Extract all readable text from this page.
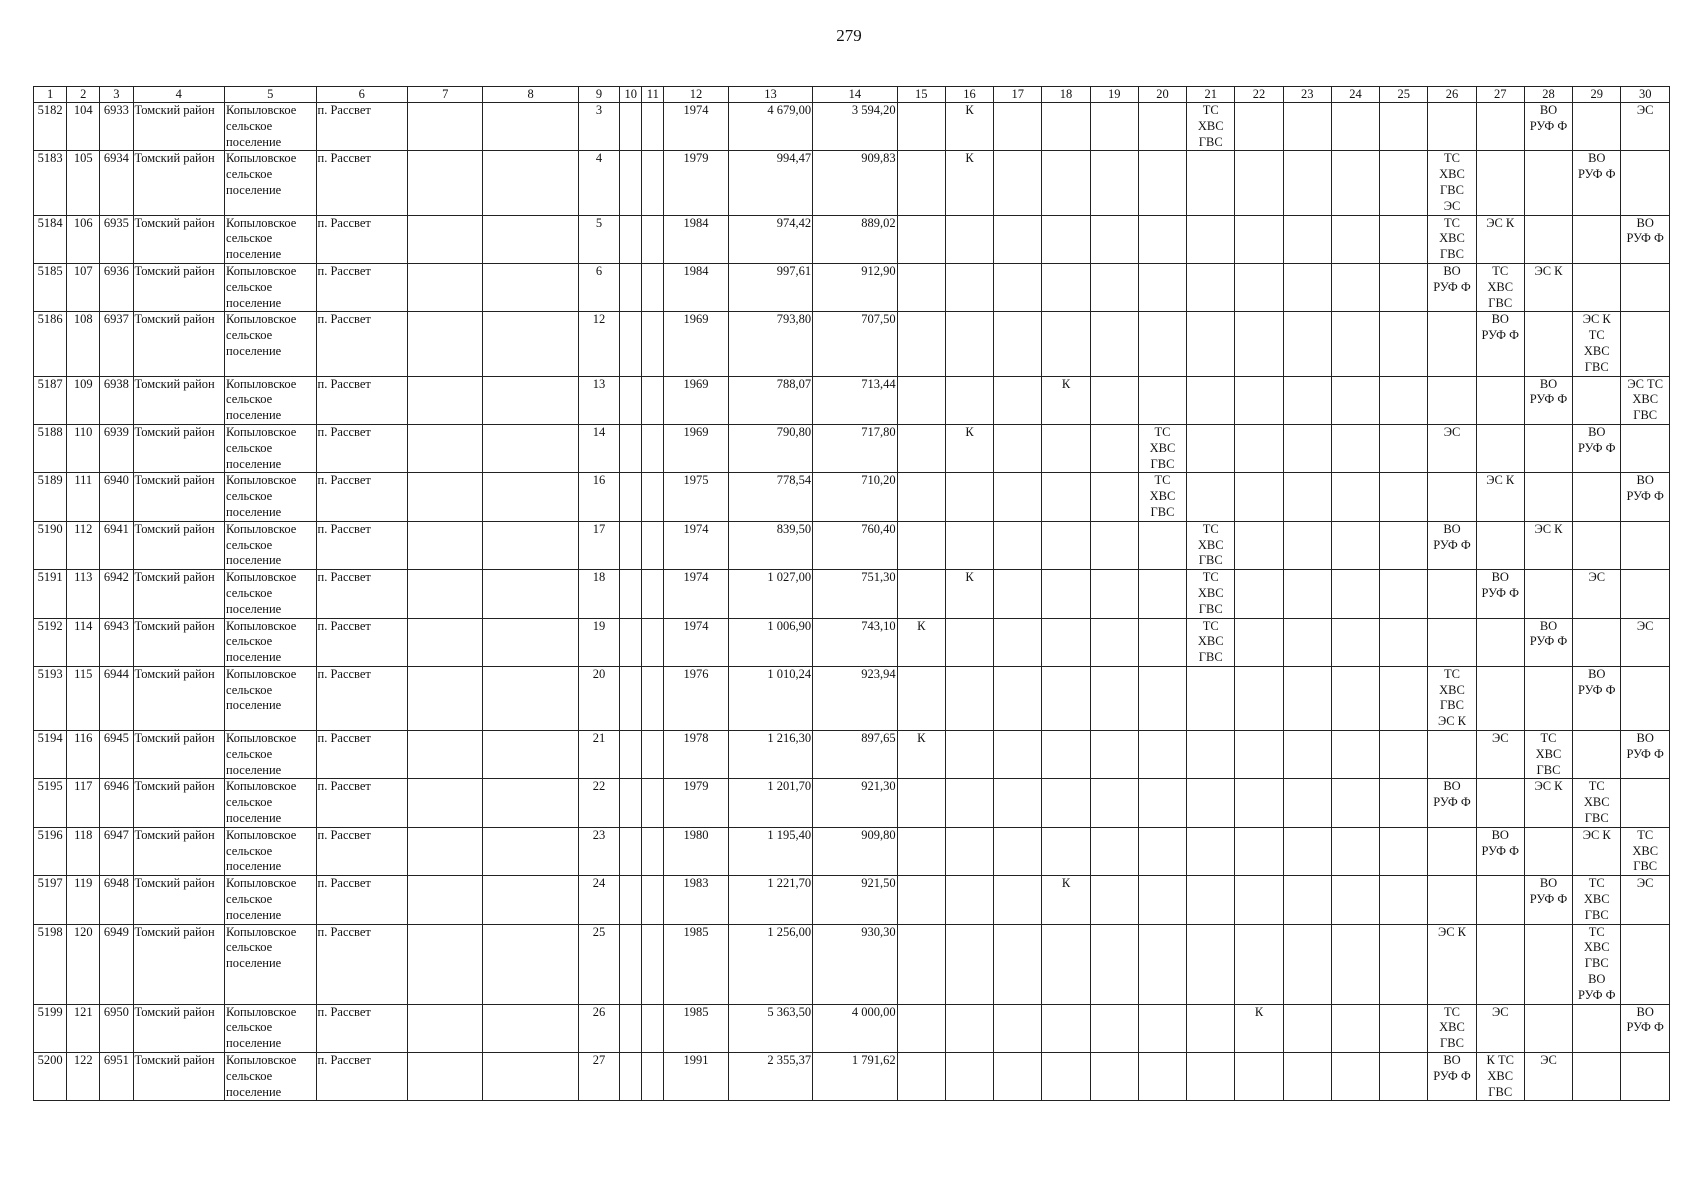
279
1	2	3	4	5	6	7	8	9	10	11	12	13	14	15	16	17	18	19	20	21	22	23	24	25	26	27	28	29	30
5182	104	6933	Томский район	Копыловское
сельское
поселение	п. Рассвет			3			1974	4 679,00	3 594,20		К					ТС
ХВС
ГВС							ВО
РУФ Ф		ЭС
5183	105	6934	Томский район	Копыловское
сельское
поселение	п. Рассвет			4			1979	994,47	909,83		К										ТС
ХВС
ГВС
ЭС			ВО
РУФ Ф	
5184	106	6935	Томский район	Копыловское
сельское
поселение	п. Рассвет			5			1984	974,42	889,02												ТС
ХВС
ГВС	ЭС К			ВО
РУФ Ф
5185	107	6936	Томский район	Копыловское
сельское
поселение	п. Рассвет			6			1984	997,61	912,90												ВО
РУФ Ф	ТС
ХВС
ГВС	ЭС К		
5186	108	6937	Томский район	Копыловское
сельское
поселение	п. Рассвет			12			1969	793,80	707,50													ВО
РУФ Ф		ЭС К
ТС
ХВС
ГВС	
5187	109	6938	Томский район	Копыловское
сельское
поселение	п. Рассвет			13			1969	788,07	713,44				К										ВО
РУФ Ф		ЭС ТС
ХВС
ГВС
5188	110	6939	Томский район	Копыловское
сельское
поселение	п. Рассвет			14			1969	790,80	717,80		К				ТС
ХВС
ГВС						ЭС			ВО
РУФ Ф	
5189	111	6940	Томский район	Копыловское
сельское
поселение	п. Рассвет			16			1975	778,54	710,20						ТС
ХВС
ГВС							ЭС К			ВО
РУФ Ф
5190	112	6941	Томский район	Копыловское
сельское
поселение	п. Рассвет			17			1974	839,50	760,40							ТС
ХВС
ГВС					ВО
РУФ Ф		ЭС К		
5191	113	6942	Томский район	Копыловское
сельское
поселение	п. Рассвет			18			1974	1 027,00	751,30		К					ТС
ХВС
ГВС						ВО
РУФ Ф		ЭС	
5192	114	6943	Томский район	Копыловское
сельское
поселение	п. Рассвет			19			1974	1 006,90	743,10	К						ТС
ХВС
ГВС							ВО
РУФ Ф		ЭС
5193	115	6944	Томский район	Копыловское
сельское
поселение	п. Рассвет			20			1976	1 010,24	923,94												ТС
ХВС
ГВС
ЭС К			ВО
РУФ Ф	
5194	116	6945	Томский район	Копыловское
сельское
поселение	п. Рассвет			21			1978	1 216,30	897,65	К												ЭС	ТС
ХВС
ГВС		ВО
РУФ Ф
5195	117	6946	Томский район	Копыловское
сельское
поселение	п. Рассвет			22			1979	1 201,70	921,30												ВО
РУФ Ф		ЭС К	ТС
ХВС
ГВС	
5196	118	6947	Томский район	Копыловское
сельское
поселение	п. Рассвет			23			1980	1 195,40	909,80													ВО
РУФ Ф		ЭС К	ТС
ХВС
ГВС
5197	119	6948	Томский район	Копыловское
сельское
поселение	п. Рассвет			24			1983	1 221,70	921,50				К										ВО
РУФ Ф	ТС
ХВС
ГВС	ЭС
5198	120	6949	Томский район	Копыловское
сельское
поселение	п. Рассвет			25			1985	1 256,00	930,30												ЭС К			ТС
ХВС
ГВС
ВО
РУФ Ф	
5199	121	6950	Томский район	Копыловское
сельское
поселение	п. Рассвет			26			1985	5 363,50	4 000,00								К				ТС
ХВС
ГВС	ЭС			ВО
РУФ Ф
5200	122	6951	Томский район	Копыловское
сельское
поселение	п. Рассвет			27			1991	2 355,37	1 791,62												ВО
РУФ Ф	К ТС
ХВС
ГВС	ЭС		
